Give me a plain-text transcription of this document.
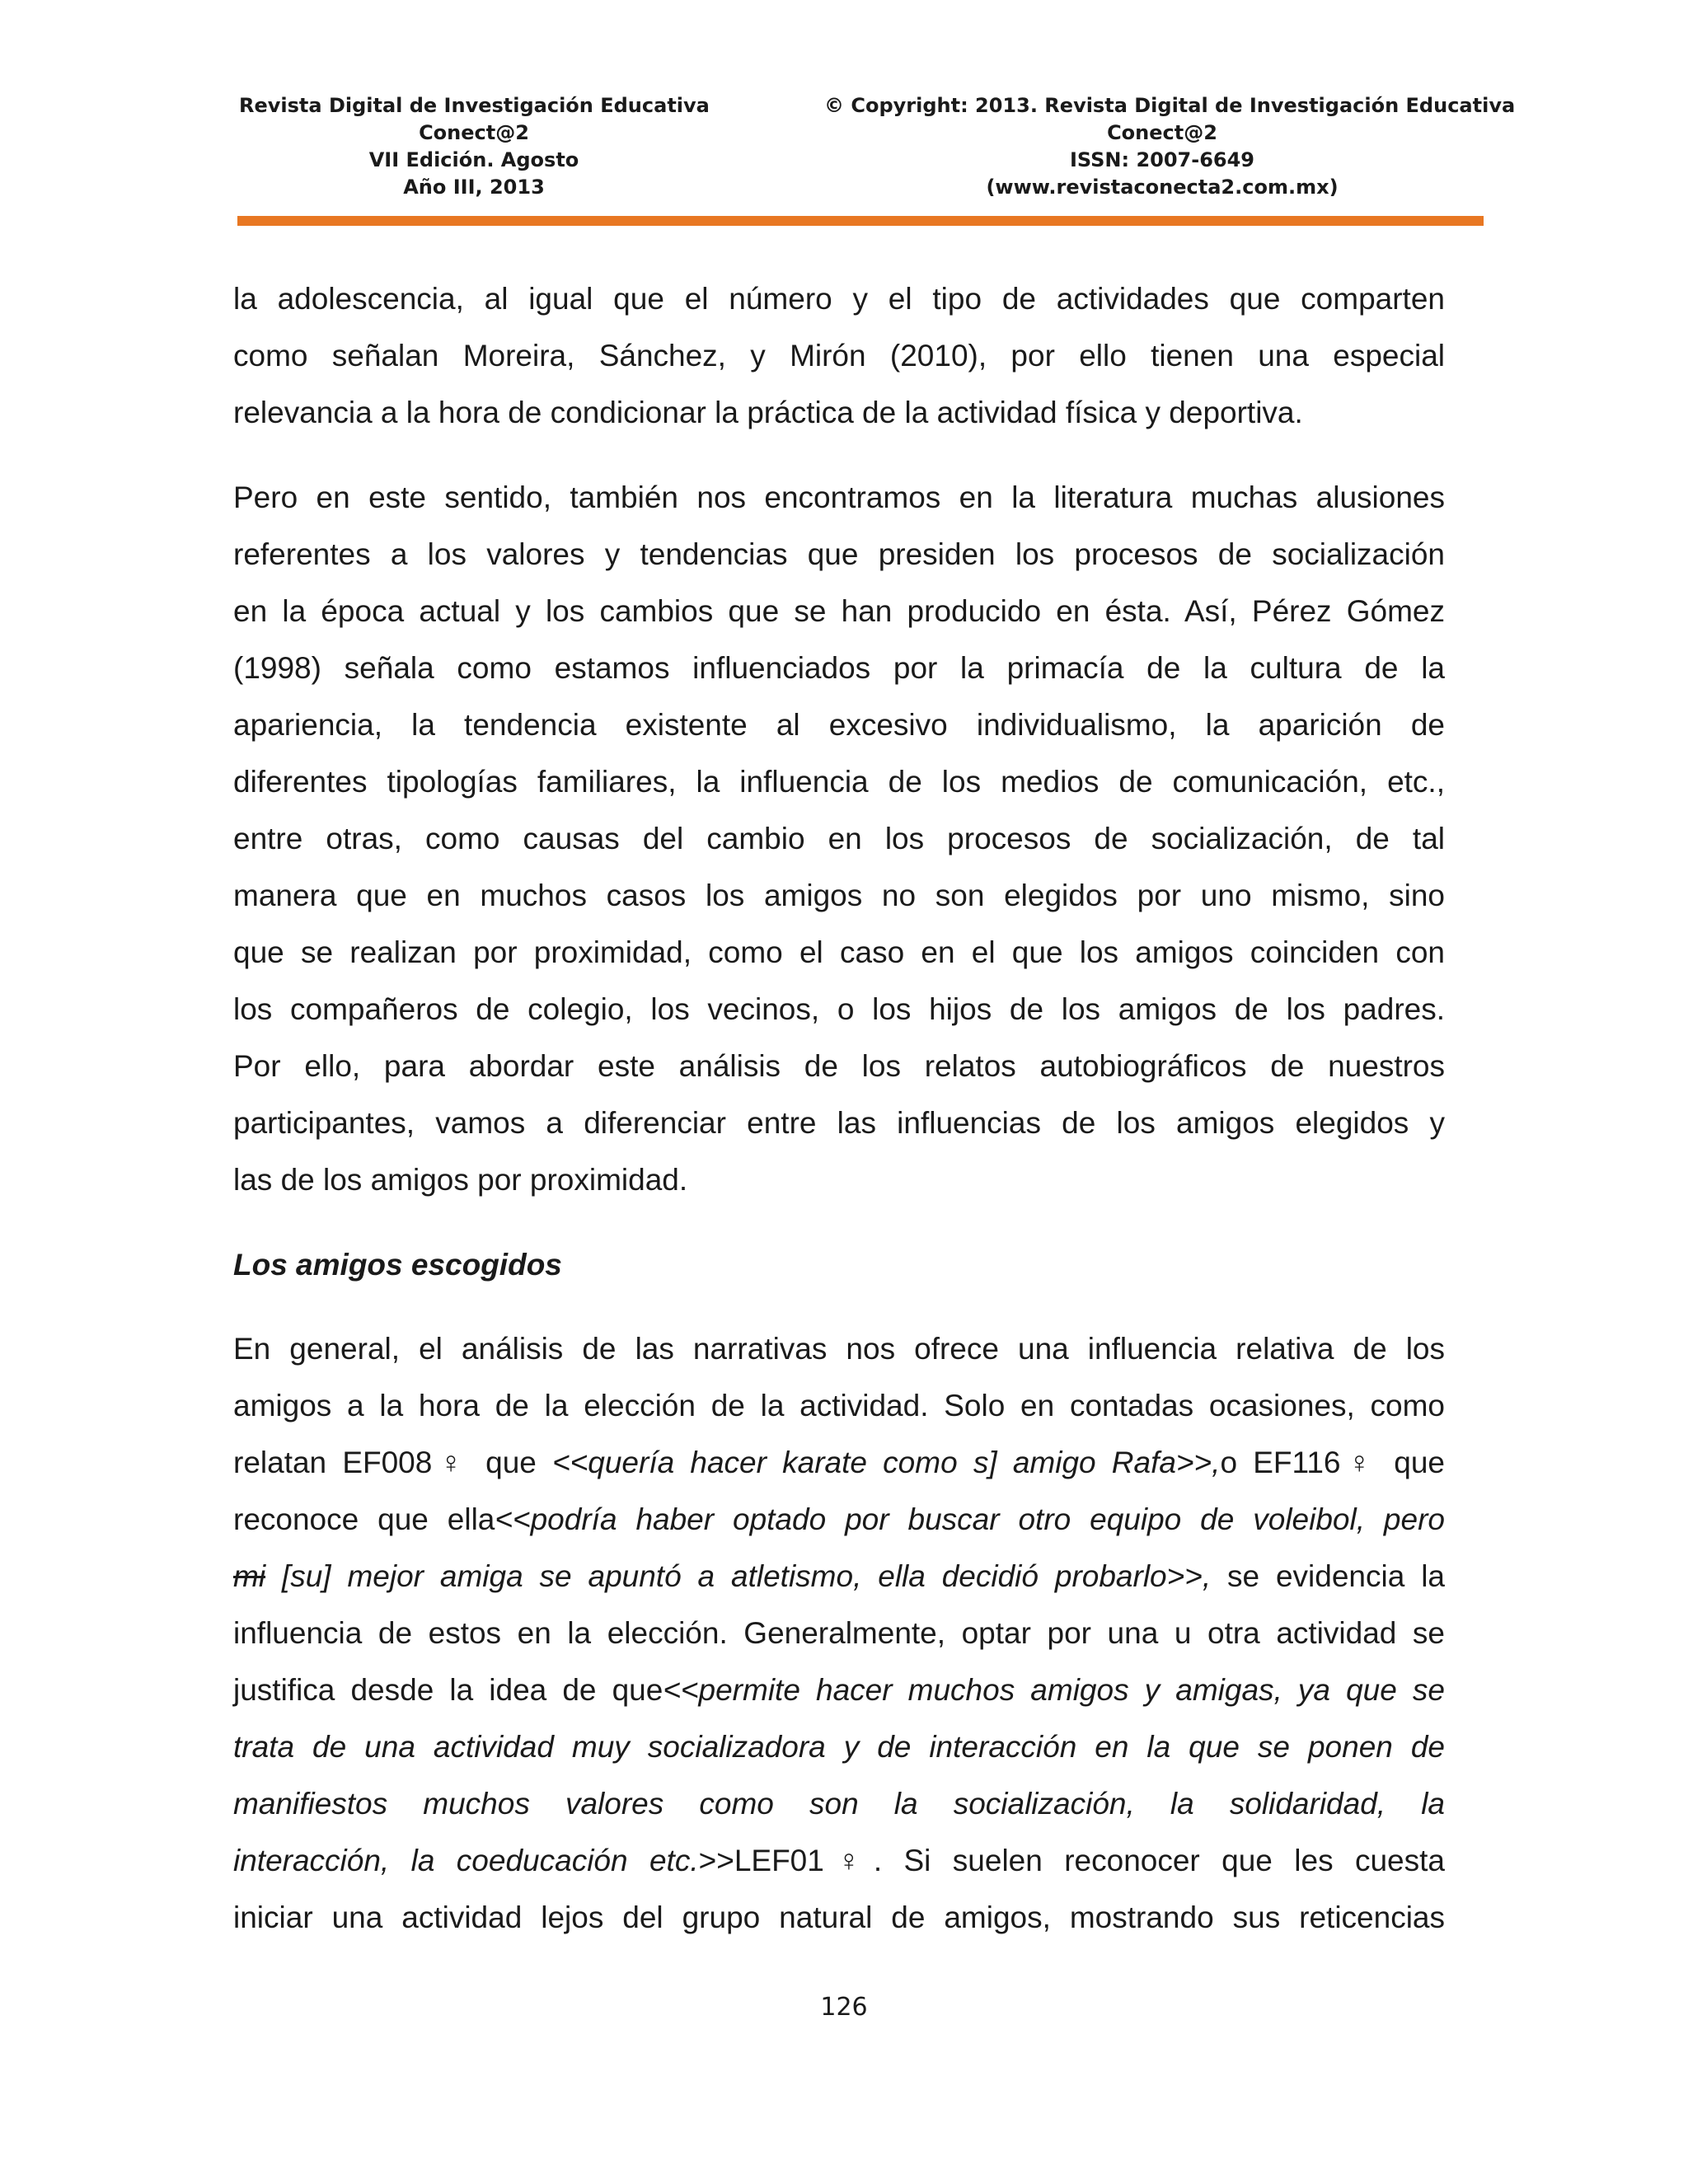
Revista Digital de Investigación Educativa
Conect@2
VII Edición. Agosto
Año III, 2013
© Copyright: 2013. Revista Digital de Investigación Educativa
Conect@2
ISSN: 2007-6649
(www.revistaconecta2.com.mx)
la adolescencia, al igual que el número y el tipo de actividades que comparten
como señalan Moreira, Sánchez, y Mirón (2010), por ello tienen una especial
relevancia a la hora de condicionar la práctica de la actividad física y deportiva.
Pero en este sentido, también nos encontramos en la literatura muchas alusiones
referentes a los valores y tendencias que presiden los procesos de socialización
en la época actual y los cambios que se han producido en ésta. Así, Pérez Gómez
(1998) señala como estamos influenciados por la primacía de la cultura de la
apariencia, la tendencia existente al excesivo individualismo, la aparición de
diferentes tipologías familiares, la influencia de los medios de comunicación, etc.,
entre otras, como causas del cambio en los procesos de socialización, de tal
manera que en muchos casos los amigos no son elegidos por uno mismo, sino
que se realizan por proximidad, como el caso en el que los amigos coinciden con
los compañeros de colegio, los vecinos, o los hijos de los amigos de los padres.
Por ello, para abordar este análisis de los relatos autobiográficos de nuestros
participantes, vamos a diferenciar entre las influencias de los amigos elegidos y
las de los amigos por proximidad.
Los amigos escogidos
En general, el análisis de las narrativas nos ofrece una influencia relativa de los
amigos a la hora de la elección de la actividad. Solo en contadas ocasiones, como
relatan EF008♀ que <<quería hacer karate como s] amigo Rafa>>,o EF116♀ que
reconoce que ella<<podría haber optado por buscar otro equipo de voleibol, pero
mi [su] mejor amiga se apuntó a atletismo, ella decidió probarlo>>, se evidencia la
influencia de estos en la elección. Generalmente, optar por una u otra actividad se
justifica desde la idea de que<<permite hacer muchos amigos y amigas, ya que se
trata de una actividad muy socializadora y de interacción en la que se ponen de
manifiestos muchos valores como son la socialización, la solidaridad, la
interacción, la coeducación etc.>>LEF01♀. Si suelen reconocer que les cuesta
iniciar una actividad lejos del grupo natural de amigos, mostrando sus reticencias
126
